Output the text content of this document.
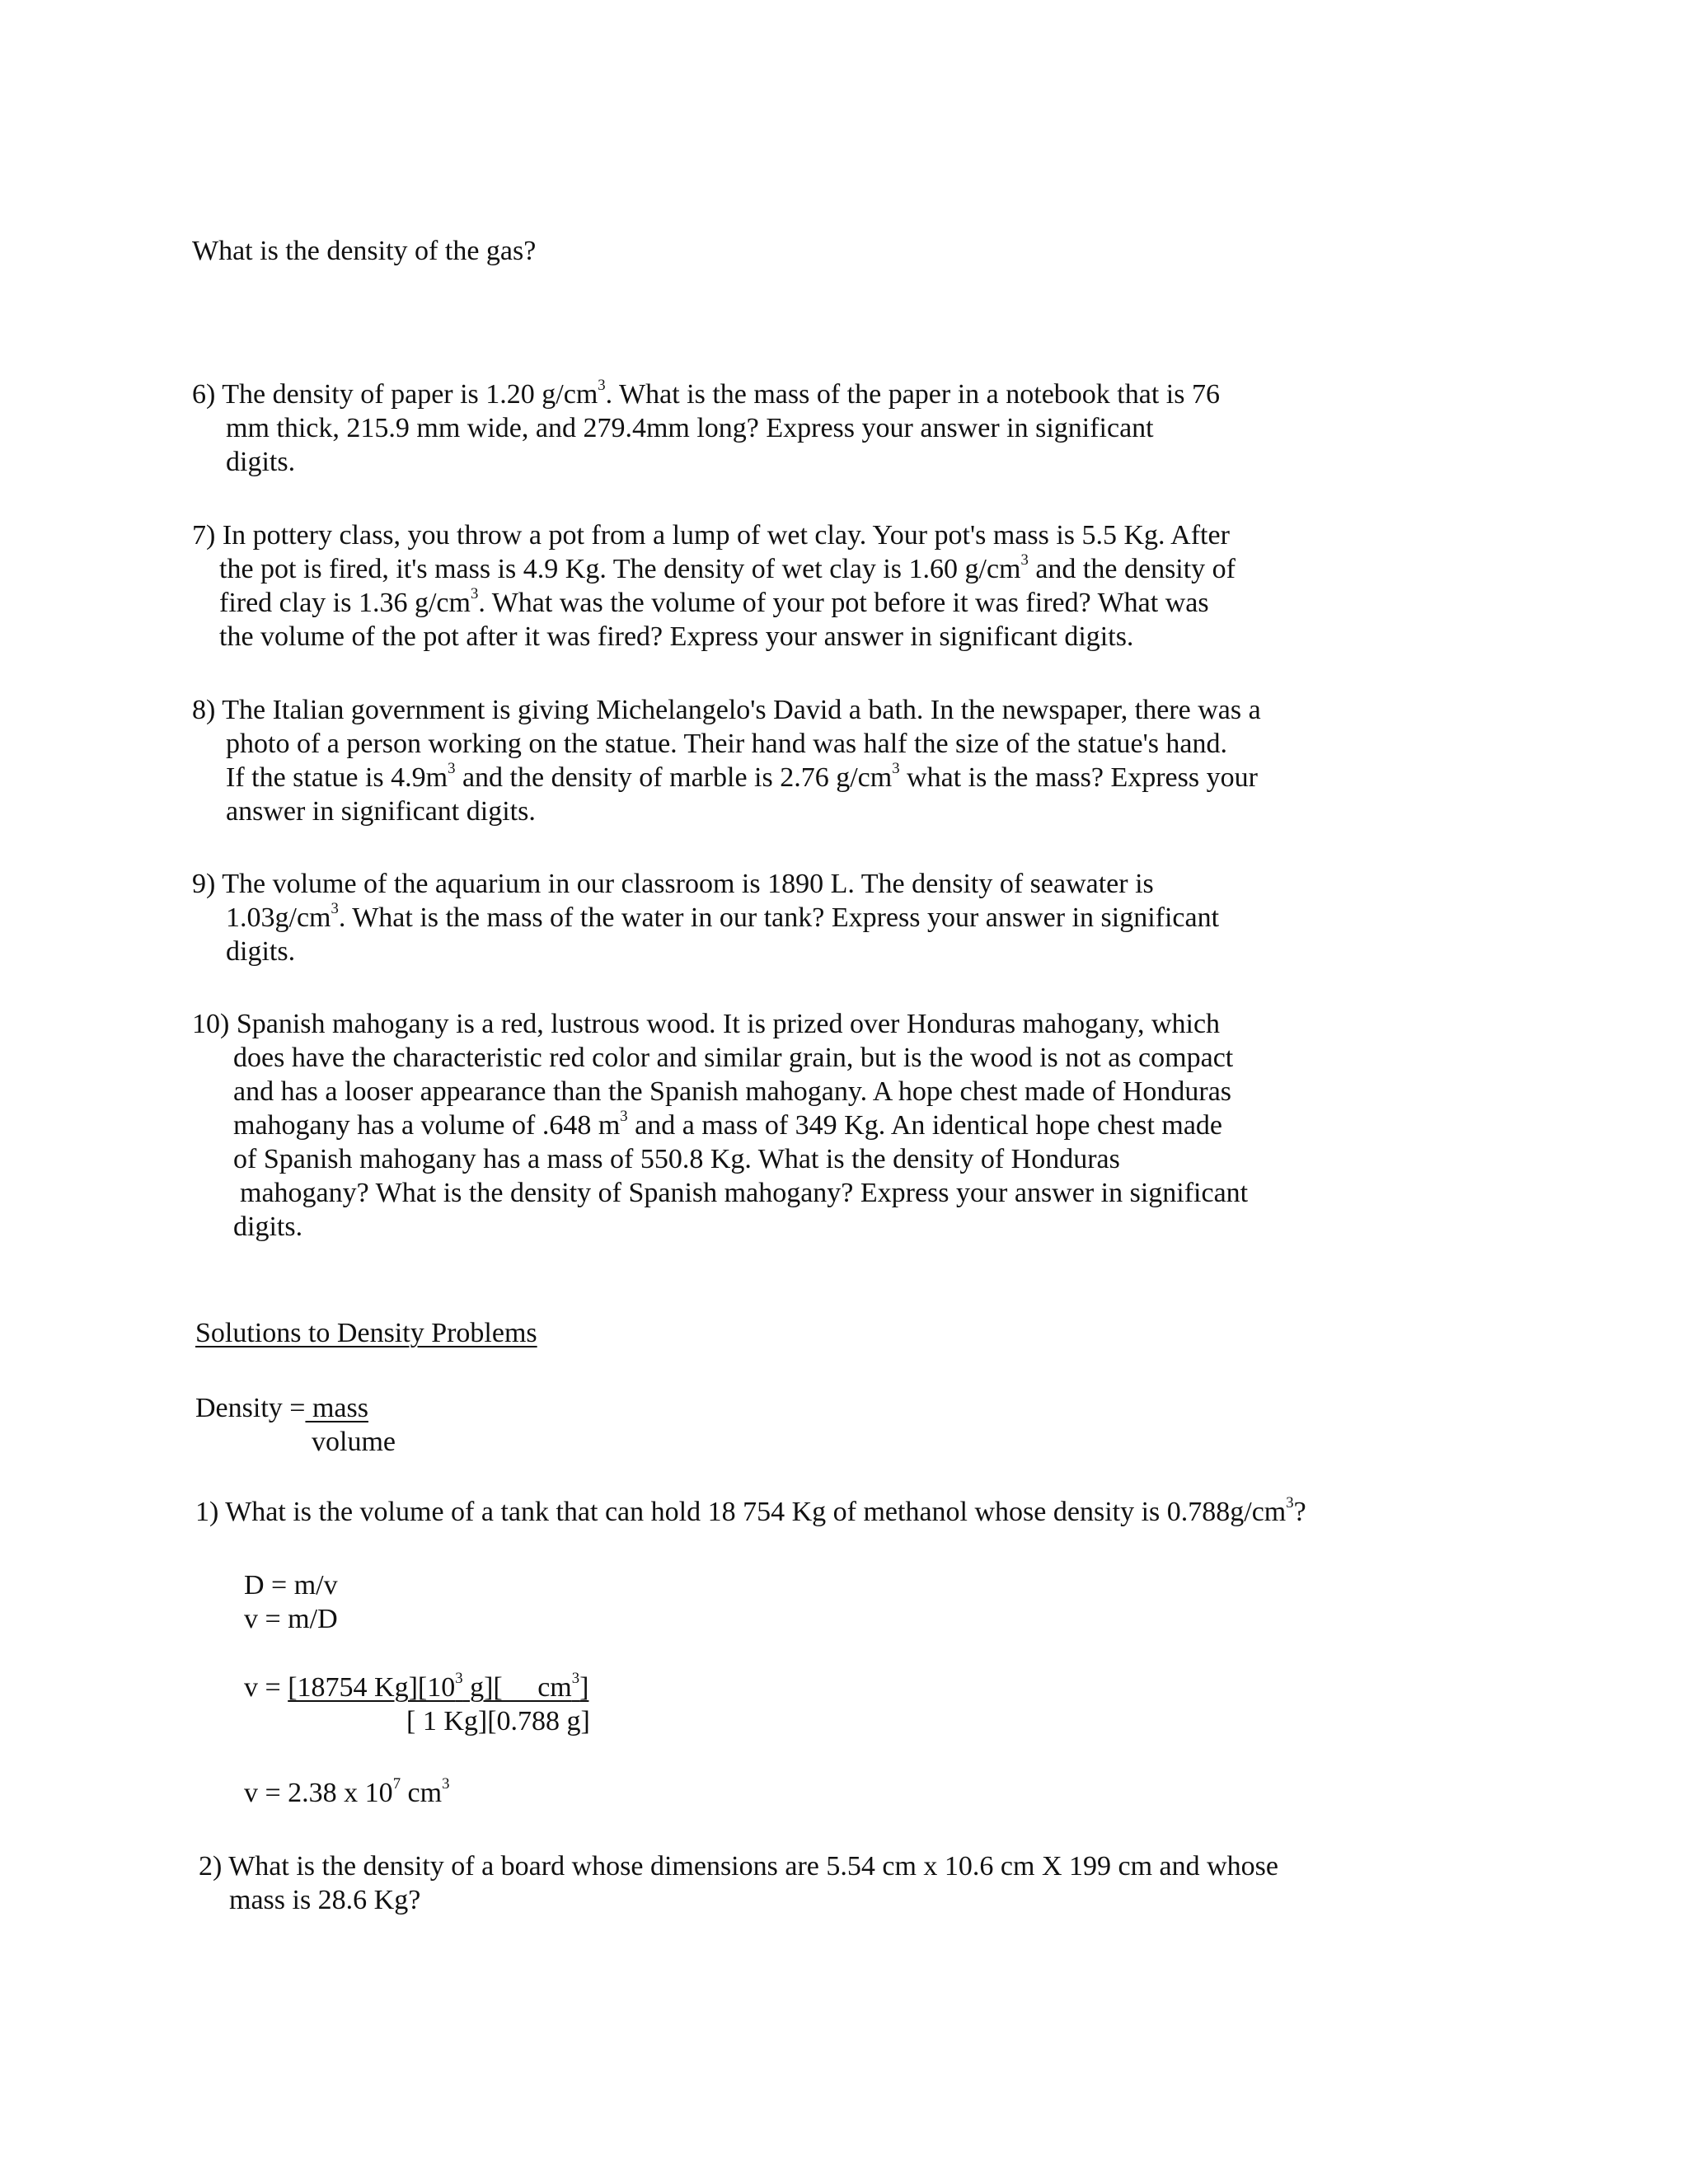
What is the density of the gas?
6) The density of paper is 1.20 $g/cm^3$. What is the mass of the paper in a notebook that is 76
mm thick, 215.9 mm wide, and 279.4mm long? Express your answer in significant
digits.
7) In pottery class, you throw a pot from a lump of wet clay. Your pot's mass is 5.5 Kg. After
the pot is fired, it's mass is 4.9 Kg. The density of wet clay is 1.60 $g/cm^3$ and the density of
fired clay is 1.36 $g/cm^3$. What was the volume of your pot before it was fired? What was
the volume of the pot after it was fired? Express your answer in significant digits.
8) The Italian government is giving Michelangelo's David a bath. In the newspaper, there was a
photo of a person working on the statue. Their hand was half the size of the statue's hand.
If the statue is $4.9m^3$ and the density of marble is 2.76 $g/cm^3$ what is the mass? Express your
answer in significant digits.
9) The volume of the aquarium in our classroom is 1890 L. The density of seawater is
$1.03g/cm^3$. What is the mass of the water in our tank? Express your answer in significant
digits.
10) Spanish mahogany is a red, lustrous wood. It is prized over Honduras mahogany, which
does have the characteristic red color and similar grain, but is the wood is not as compact
and has a looser appearance than the Spanish mahogany. A hope chest made of Honduras
mahogany has a volume of .648 $m^3$ and a mass of 349 Kg. An identical hope chest made
of Spanish mahogany has a mass of 550.8 Kg. What is the density of Honduras
mahogany? What is the density of Spanish mahogany? Express your answer in significant
digits.
Solutions to Density Problems
Density = mass
volume
1) What is the volume of a tank that can hold 18 754 Kg of methanol whose density is $0.788g/cm^3$?
D = m/v
v = m/D
v = [18754 $Kg][10^3$ g][     $cm^3$]
[ 1 Kg][0.788 g]
v = 2.38 x $10^7$ $cm^3$
2) What is the density of a board whose dimensions are 5.54 cm x 10.6 cm X 199 cm and whose
mass is 28.6 Kg?
